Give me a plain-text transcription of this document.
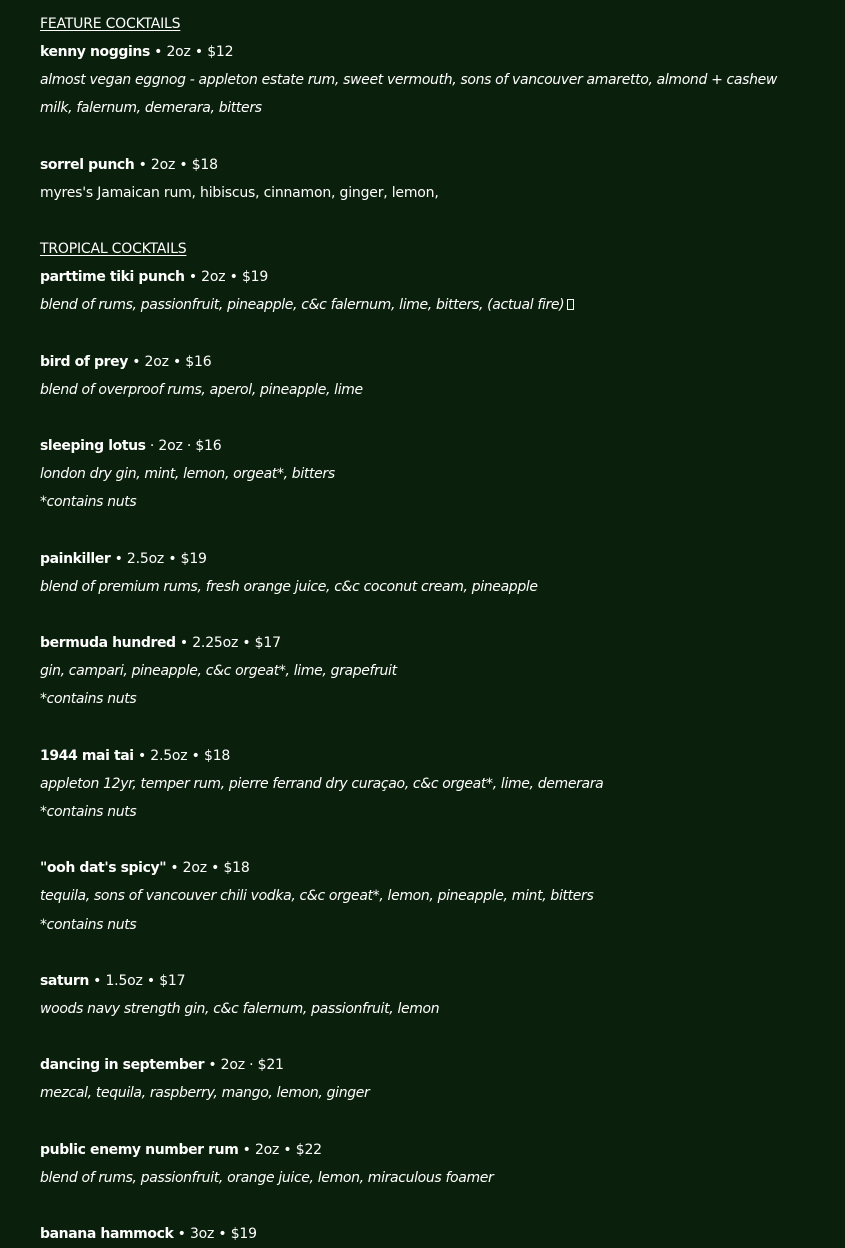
FEATURE COCKTAILS
kenny noggins • 2oz • $12
almost vegan eggnog - appleton estate rum, sweet vermouth, sons of vancouver amaretto, almond + cashew milk, falernum, demerara, bitters
sorrel punch • 2oz • $18
myres's Jamaican rum, hibiscus, cinnamon, ginger, lemon,
TROPICAL COCKTAILS
parttime tiki punch • 2oz • $19
blend of rums, passionfruit, pineapple, c&c falernum, lime, bitters, (actual fire)
bird of prey • 2oz • $16
blend of overproof rums, aperol, pineapple, lime
sleeping lotus · 2oz · $16
london dry gin, mint, lemon, orgeat*, bitters
*contains nuts
painkiller • 2.5oz • $19
blend of premium rums, fresh orange juice, c&c coconut cream, pineapple
bermuda hundred • 2.25oz • $17
gin, campari, pineapple, c&c orgeat*, lime, grapefruit
*contains nuts
1944 mai tai • 2.5oz • $18
appleton 12yr, temper rum, pierre ferrand dry curaçao, c&c orgeat*, lime, demerara
*contains nuts
"ooh dat's spicy" • 2oz • $18
tequila, sons of vancouver chili vodka, c&c orgeat*, lemon, pineapple, mint, bitters
*contains nuts
saturn • 1.5oz • $17
woods navy strength gin, c&c falernum, passionfruit, lemon
dancing in september • 2oz · $21
mezcal, tequila, raspberry, mango, lemon, ginger
public enemy number rum • 2oz • $22
blend of rums, passionfruit, orange juice, lemon, miraculous foamer
banana hammock • 3oz • $19
